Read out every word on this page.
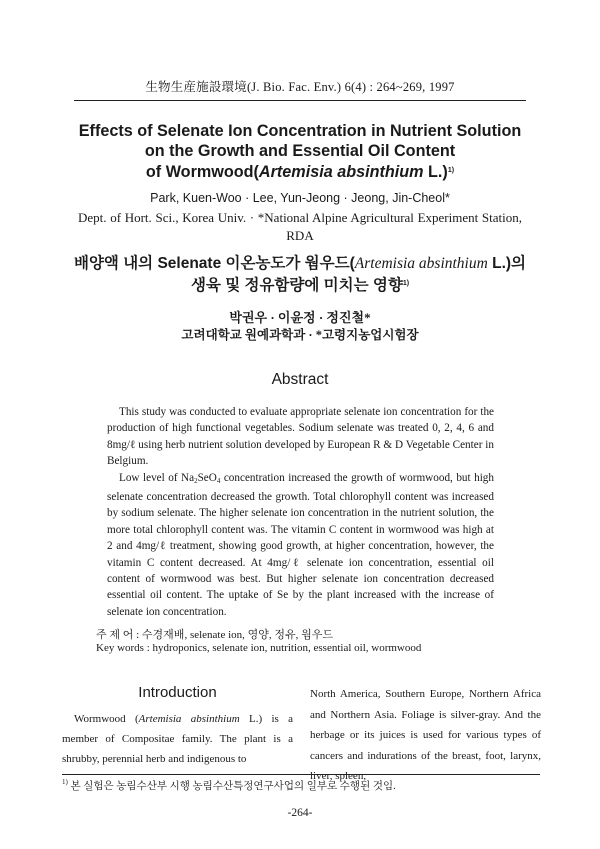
生物生産施設環境(J. Bio. Fac. Env.) 6(4) : 264~269, 1997
Effects of Selenate Ion Concentration in Nutrient Solution
on the Growth and Essential Oil Content
of Wormwood(Artemisia absinthium L.)$^{1)}$
Park, Kuen-Woo · Lee, Yun-Jeong · Jeong, Jin-Cheol*
Dept. of Hort. Sci., Korea Univ. · *National Alpine Agricultural Experiment Station, RDA
배양액 내의 Selenate 이온농도가 웜우드(Artemisia absinthium L.)의
생육 및 정유함량에 미치는 영향$^{1)}$
박권우 · 이윤정 · 정진철*
고려대학교 원예과학과 · *고령지농업시험장
Abstract

This study was conducted to evaluate appropriate selenate ion concentration for the production of high functional vegetables. Sodium selenate was treated 0, 2, 4, 6 and 8mg/ℓ using herb nutrient solution developed by European R & D Vegetable Center in Belgium.

Low level of $Na_2SeO_4$ concentration increased the growth of wormwood, but high selenate concentration decreased the growth. Total chlorophyll content was increased by sodium selenate. The higher selenate ion concentration in the nutrient solution, the more total chlorophyll content was. The vitamin C content in wormwood was high at 2 and 4mg/ℓ treatment, showing good growth, at higher concentration, however, the vitamin C content decreased. At 4mg/ℓ selenate ion concentration, essential oil content of wormwood was best. But higher selenate ion concentration decreased essential oil content. The uptake of Se by the plant increased with the increase of selenate ion concentration.

주 제 어 : 수경재배, selenate ion, 영양, 정유, 웜우드
Key words : hydroponics, selenate ion, nutrition, essential oil, wormwood
Introduction

Wormwood (Artemisia absinthium L.) is a member of Compositae family. The plant is a shrubby, perennial herb and indigenous to

North America, Southern Europe, Northern Africa and Northern Asia. Foliage is silver-gray. And the herbage or its juices is used for various types of cancers and indurations of the breast, foot, larynx, liver, spleen,

$^{1)}$ 본 실험은 농림수산부 시행 농림수산특정연구사업의 일부로 수행된 것임.
-264-
